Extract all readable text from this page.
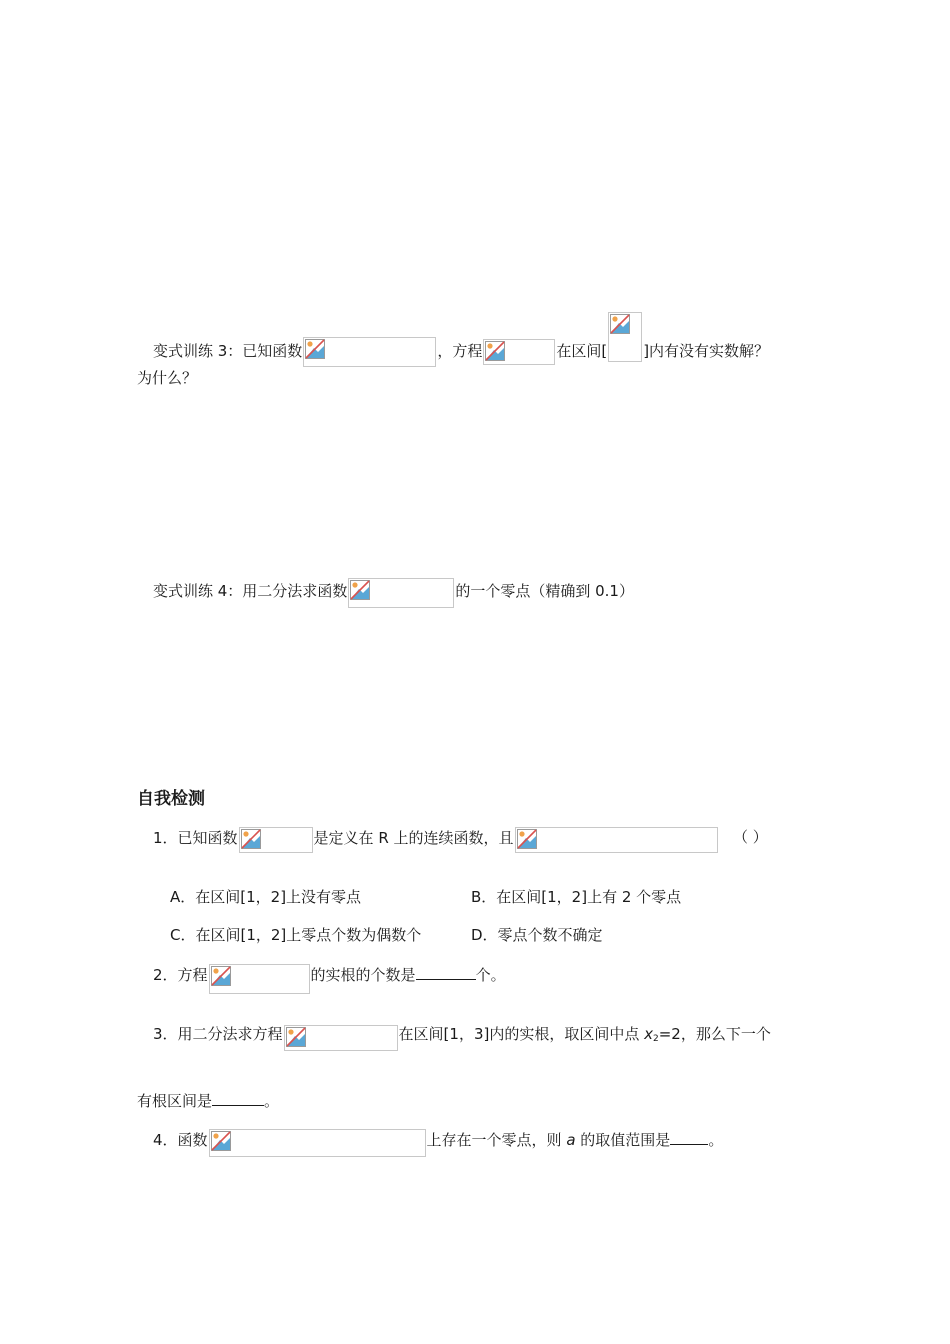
变式训练 3：已知函数	，方程	在区间[ ]内有没有实数解？
为什么？
变式训练 4：用二分法求函数	的一个零点（精确到 0.1）
自我检测
1．已知函数	是定义在 R 上的连续函数，且	（ ）
A．在区间[1，2]上没有零点	B．在区间[1，2]上有 2 个零点
C．在区间[1，2]上零点个数为偶数个	D．零点个数不确定
2．方程	的实根的个数是	个。
3．用二分法求方程	在区间[1，3]内的实根，取区间中点 $x_2=2$，那么下一个
有根区间是	。
4．函数	上存在一个零点，则 a 的取值范围是	。
